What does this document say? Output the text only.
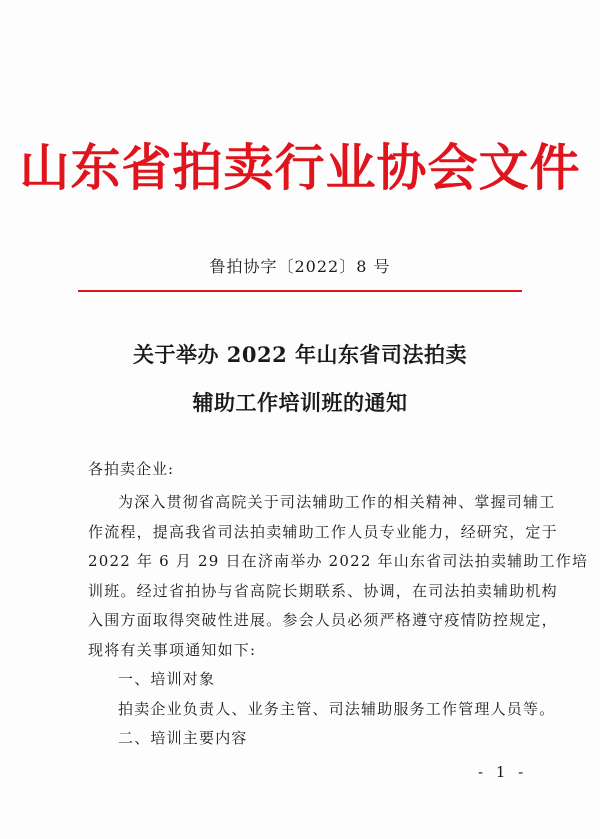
山东省拍卖行业协会文件
鲁拍协字〔2022〕8 号
关于举办 2022 年山东省司法拍卖
辅助工作培训班的通知
各拍卖企业:
为深入贯彻省高院关于司法辅助工作的相关精神、掌握司辅工
作流程，提高我省司法拍卖辅助工作人员专业能力，经研究，定于
2022 年 6 月 29 日在济南举办 2022 年山东省司法拍卖辅助工作培
训班。经过省拍协与省高院长期联系、协调，在司法拍卖辅助机构
入围方面取得突破性进展。参会人员必须严格遵守疫情防控规定，
现将有关事项通知如下:
一、培训对象
拍卖企业负责人、业务主管、司法辅助服务工作管理人员等。
二、培训主要内容
- 1 -
